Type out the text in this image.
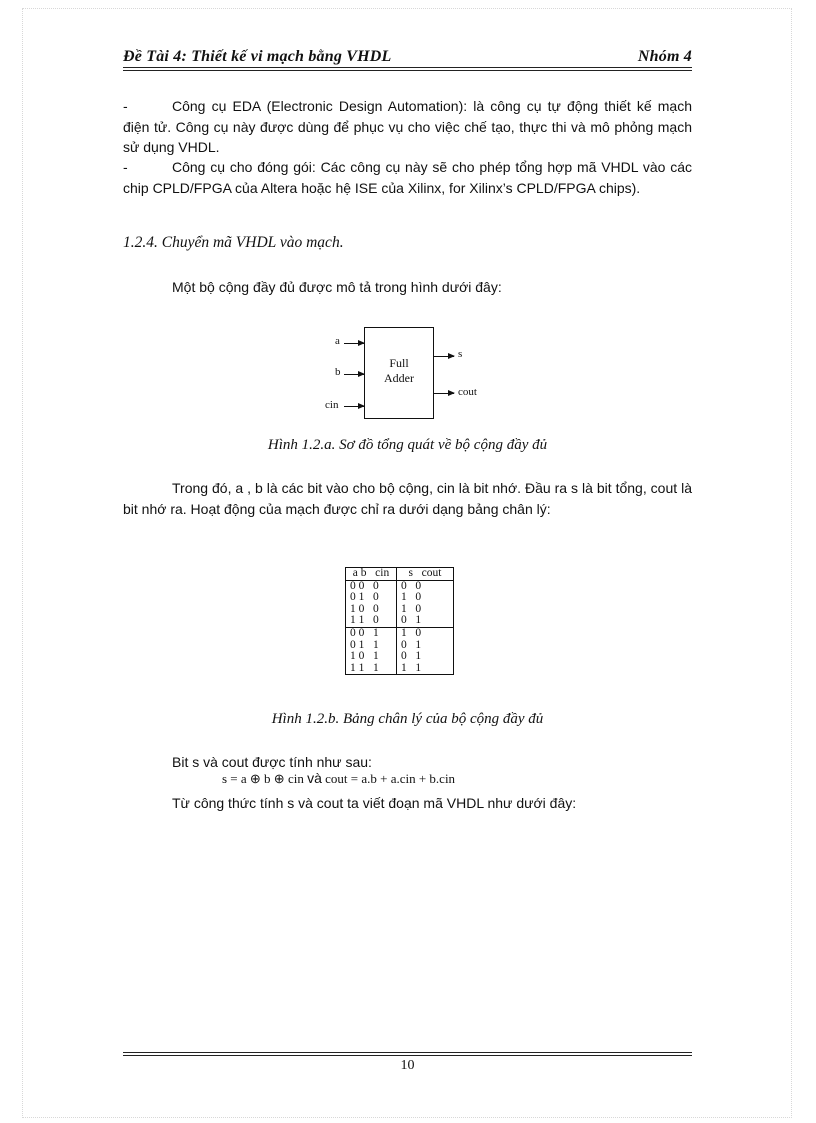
Đề Tài 4: Thiết kế vi mạch bằng VHDL	Nhóm 4
-	Công cụ EDA (Electronic Design Automation): là công cụ tự động thiết kế mạch điện tử. Công cụ này được dùng để phục vụ cho việc chế tạo, thực thi và mô phỏng mạch sử dụng VHDL.
-	Công cụ cho đóng gói: Các công cụ này sẽ cho phép tổng hợp mã VHDL vào các chip CPLD/FPGA của Altera hoặc hệ ISE của Xilinx, for Xilinx’s CPLD/FPGA chips).
1.2.4. Chuyển mã VHDL vào mạch.
Một bộ cộng đầy đủ được mô tả trong hình dưới đây:
a
b
cin
Full
Adder
s
cout
Hình 1.2.a. Sơ đồ tổng quát về bộ cộng đầy đủ
Trong đó, a , b là các bit vào cho bộ cộng, cin là bit nhớ. Đầu ra s là bit tổng, cout là bit nhớ ra. Hoạt động của mạch được chỉ ra dưới dạng bảng chân lý:
a b   cin	s   cout
0 0   0	0   0
0 1   0	1   0
1 0   0	1   0
1 1   0	0   1
0 0   1	1   0
0 1   1	0   1
1 0   1	0   1
1 1   1	1   1
Hình 1.2.b. Bảng chân lý của bộ cộng đầy đủ
Bit s và cout được tính như sau:
s = a ⊕ b ⊕ cin và cout = a.b + a.cin + b.cin
Từ công thức tính s và cout ta viết đoạn mã VHDL như dưới đây:
10
